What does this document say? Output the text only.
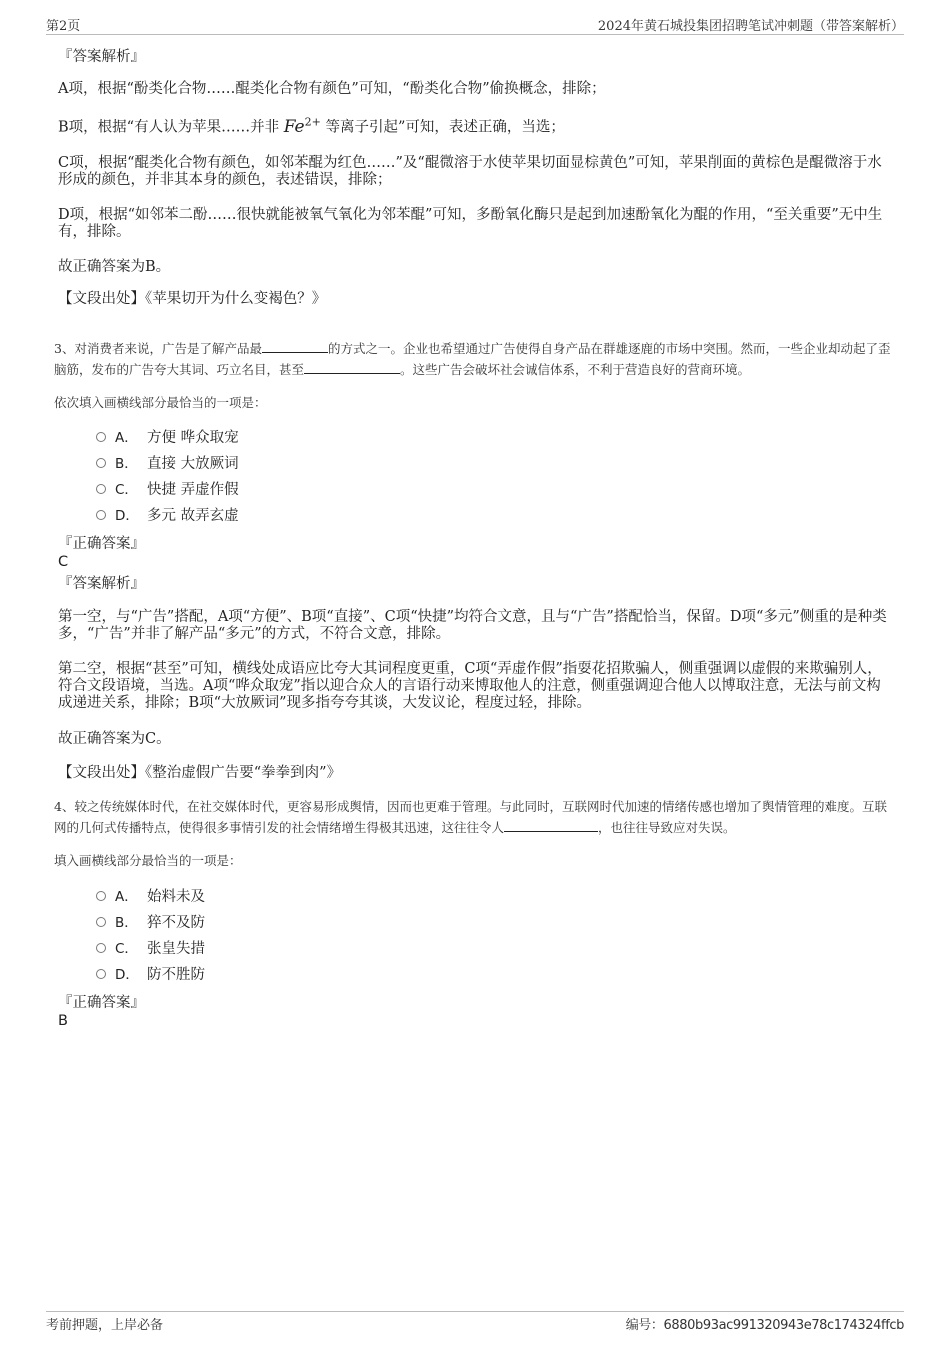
第2页	2024年黄石城投集团招聘笔试冲刺题（带答案解析）
『答案解析』
A项，根据“酚类化合物……醌类化合物有颜色”可知，“酚类化合物”偷换概念，排除；
B项，根据“有人认为苹果……并非 $Fe^{2+}$ 等离子引起”可知，表述正确，当选；
C项，根据“醌类化合物有颜色，如邻苯醌为红色……”及“醌微溶于水使苹果切面显棕黄色”可知，苹果削面的黄棕色是醌微溶于水形成的颜色，并非其本身的颜色，表述错误，排除；
D项，根据“如邻苯二酚……很快就能被氧气氧化为邻苯醌”可知，多酚氧化酶只是起到加速酚氧化为醌的作用，“至关重要”无中生有，排除。
故正确答案为B。
【文段出处】《苹果切开为什么变褐色？》
3、对消费者来说，广告是了解产品最	的方式之一。企业也希望通过广告使得自身产品在群雄逐鹿的市场中突围。然而，一些企业却动起了歪脑筋，发布的广告夸大其词、巧立名目，甚至	。这些广告会破坏社会诚信体系，不利于营造良好的营商环境。
依次填入画横线部分最恰当的一项是：
A． 方便 哗众取宠
B． 直接 大放厥词
C． 快捷 弄虚作假
D． 多元 故弄玄虚
『正确答案』
C
『答案解析』
第一空，与“广告”搭配，A项“方便”、B项“直接”、C项“快捷”均符合文意，且与“广告”搭配恰当，保留。D项“多元”侧重的是种类多，“广告”并非了解产品“多元”的方式，不符合文意，排除。
第二空，根据“甚至”可知，横线处成语应比夸大其词程度更重，C项“弄虚作假”指耍花招欺骗人，侧重强调以虚假的来欺骗别人，符合文段语境，当选。A项“哗众取宠”指以迎合众人的言语行动来博取他人的注意，侧重强调迎合他人以博取注意，无法与前文构成递进关系，排除；B项“大放厥词”现多指夸夸其谈，大发议论，程度过轻，排除。
故正确答案为C。
【文段出处】《整治虚假广告要“拳拳到肉”》
4、较之传统媒体时代，在社交媒体时代，更容易形成舆情，因而也更难于管理。与此同时，互联网时代加速的情绪传感也增加了舆情管理的难度。互联网的几何式传播特点，使得很多事情引发的社会情绪增生得极其迅速，这往往令人	，也往往导致应对失误。
填入画横线部分最恰当的一项是：
A． 始料未及
B． 猝不及防
C． 张皇失措
D． 防不胜防
『正确答案』
B
考前押题，上岸必备	编号：6880b93ac991320943e78c174324ffcb
